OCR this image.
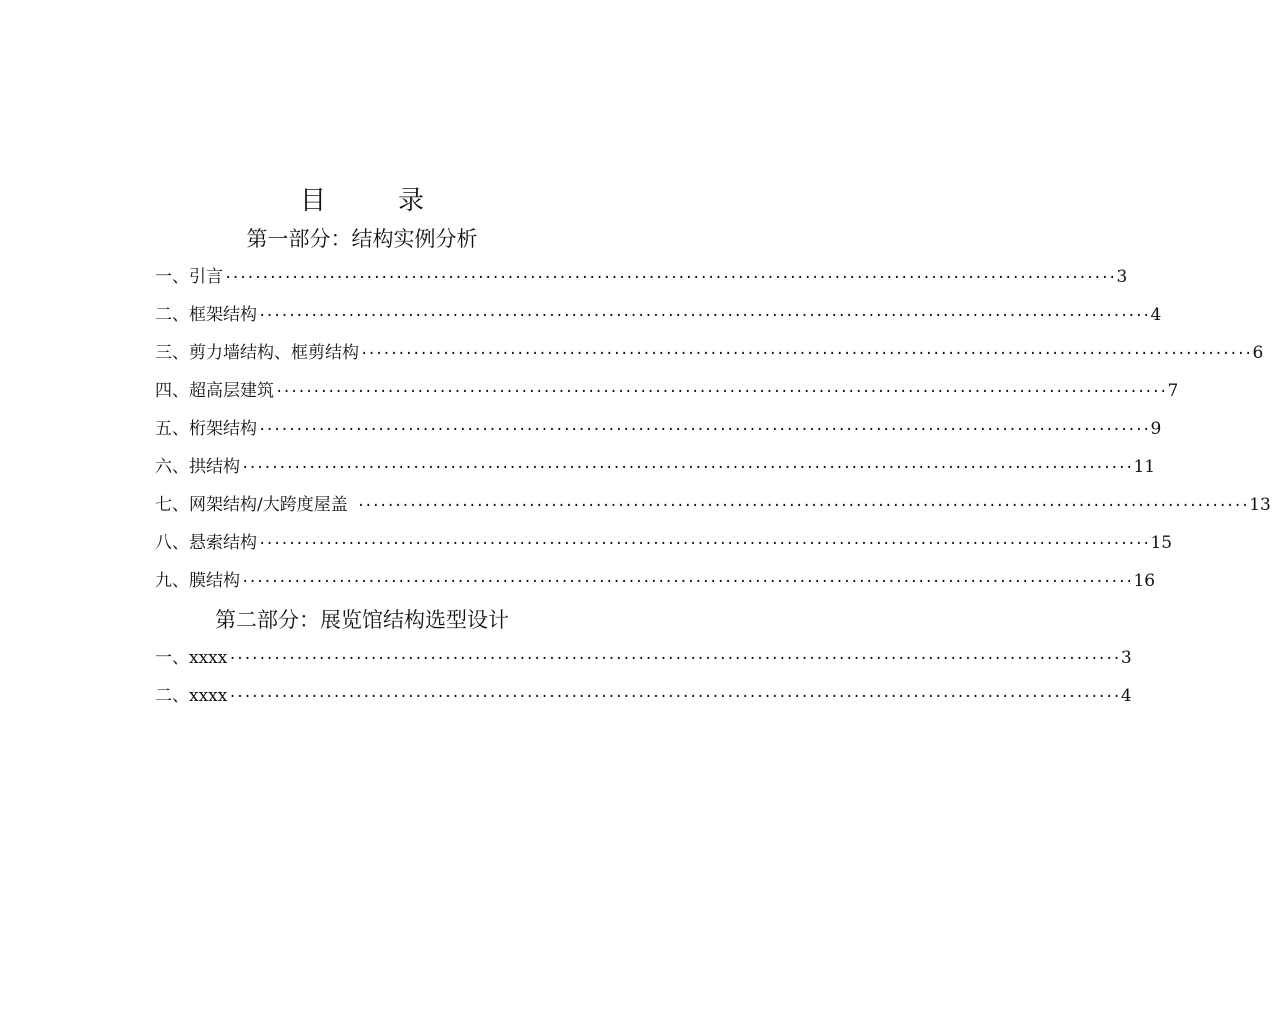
目	录
第一部分：结构实例分析
一、引言 ························································································································ 3
二、框架结构 ························································································································ 4
三、剪力墙结构、框剪结构 ························································································································ 6
四、超高层建筑 ························································································································ 7
五、桁架结构 ························································································································ 9
六、拱结构 ························································································································ 11
七、网架结构/大跨度屋盖 ························································································································ 13
八、悬索结构 ························································································································ 15
九、膜结构 ························································································································ 16
第二部分：展览馆结构选型设计
一、xxxx ························································································································ 3
二、xxxx ························································································································ 4
